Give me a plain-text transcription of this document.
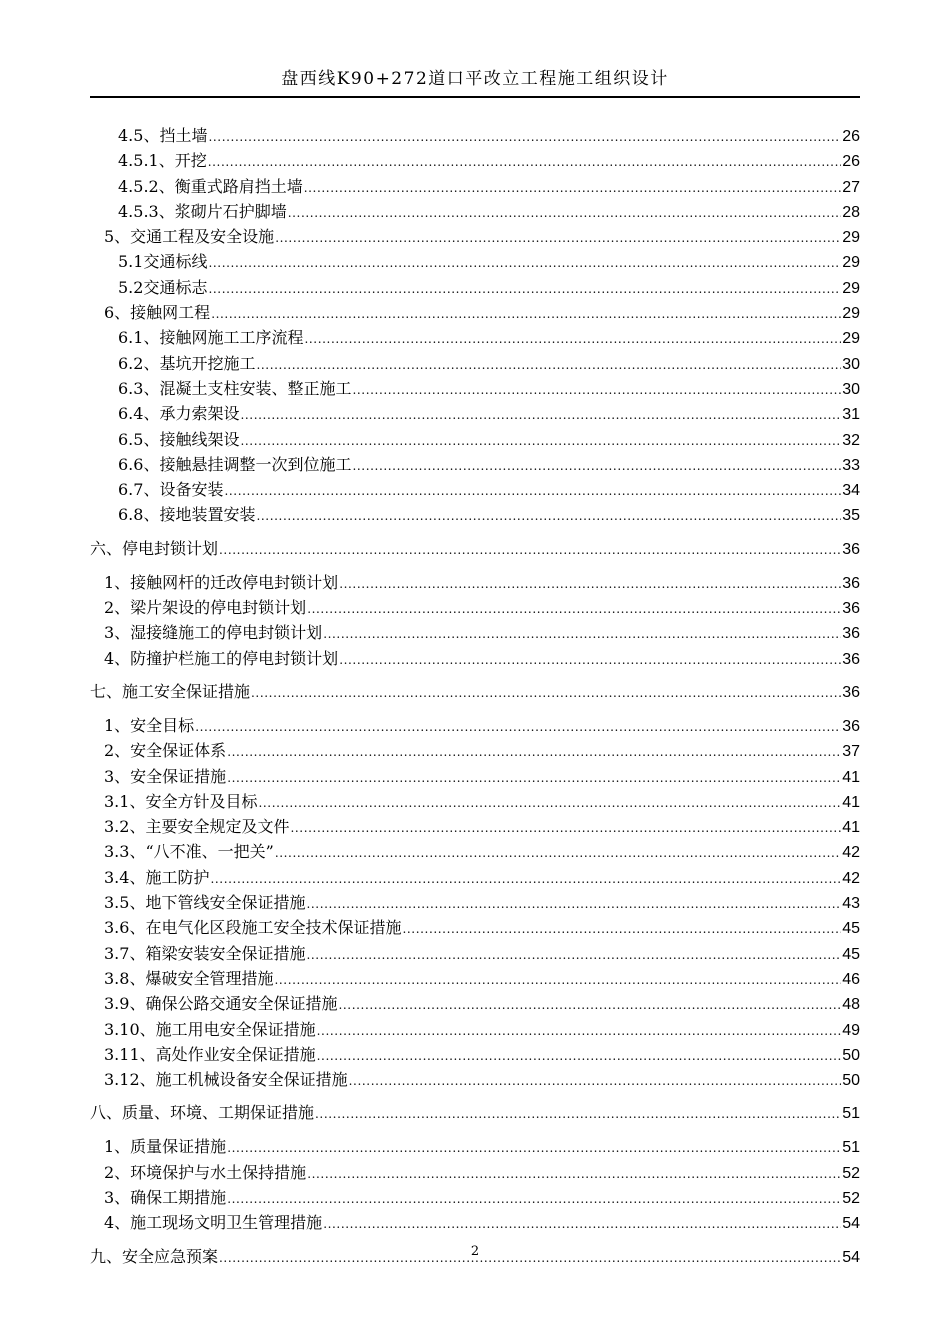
盘西线K90+272道口平改立工程施工组织设计
4.5、挡土墙 .....	26
4.5.1、开挖 .....	26
4.5.2、衡重式路肩挡土墙 .....	27
4.5.3、浆砌片石护脚墙 .....	28
5、交通工程及安全设施 .....	29
5.1交通标线 .....	29
5.2交通标志 .....	29
6、接触网工程 .....	29
6.1、接触网施工工序流程 .....	29
6.2、基坑开挖施工 .....	30
6.3、混凝土支柱安装、整正施工 .....	30
6.4、承力索架设 .....	31
6.5、接触线架设 .....	32
6.6、接触悬挂调整一次到位施工 .....	33
6.7、设备安装 .....	34
6.8、接地装置安装 .....	35
六、停电封锁计划 .....	36
1、接触网杆的迁改停电封锁计划 .....	36
2、梁片架设的停电封锁计划 .....	36
3、湿接缝施工的停电封锁计划 .....	36
4、防撞护栏施工的停电封锁计划 .....	36
七、施工安全保证措施 .....	36
1、安全目标 .....	36
2、安全保证体系 .....	37
3、安全保证措施 .....	41
3.1、安全方针及目标 .....	41
3.2、主要安全规定及文件 .....	41
3.3、“八不准、一把关” .....	42
3.4、施工防护 .....	42
3.5、地下管线安全保证措施 .....	43
3.6、在电气化区段施工安全技术保证措施 .....	45
3.7、箱梁安装安全保证措施 .....	45
3.8、爆破安全管理措施 .....	46
3.9、确保公路交通安全保证措施 .....	48
3.10、施工用电安全保证措施 .....	49
3.11、高处作业安全保证措施 .....	50
3.12、施工机械设备安全保证措施 .....	50
八、质量、环境、工期保证措施 .....	51
1、质量保证措施 .....	51
2、环境保护与水土保持措施 .....	52
3、确保工期措施 .....	52
4、施工现场文明卫生管理措施 .....	54
九、安全应急预案 .....	54
2
